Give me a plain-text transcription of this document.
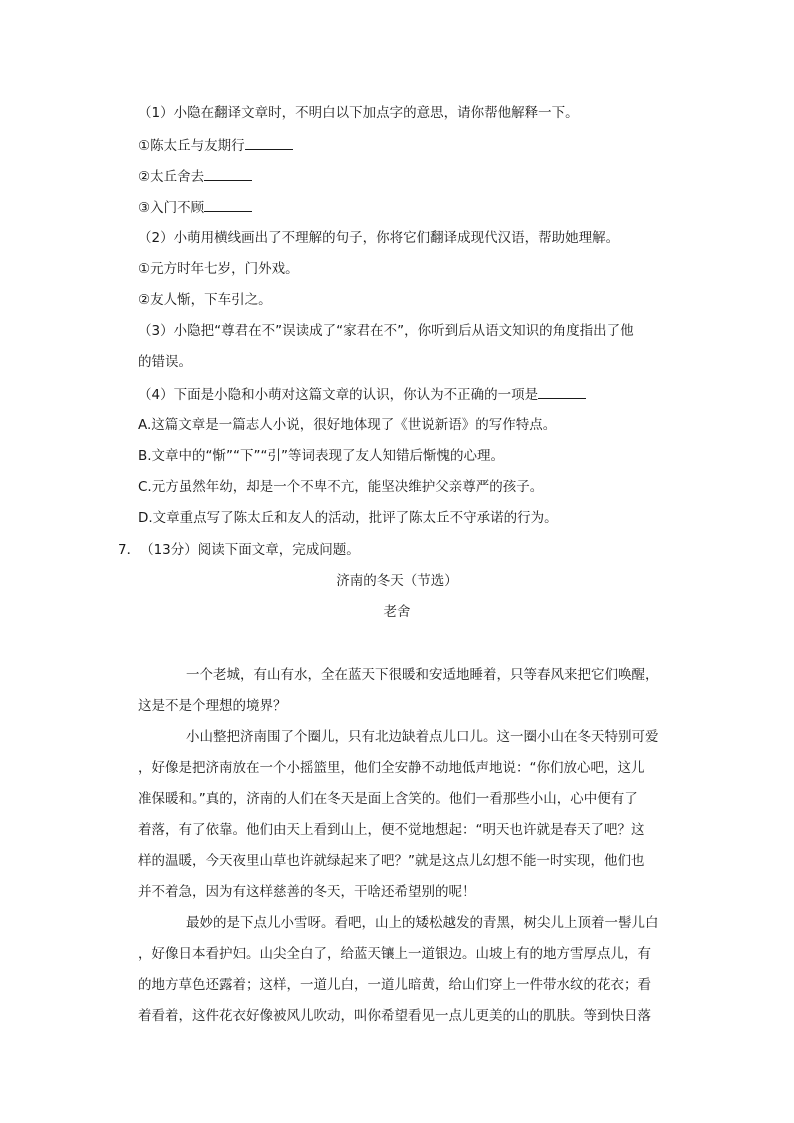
（1）小隐在翻译文章时，不明白以下加点字的意思，请你帮他解释一下。
①陈太丘与友期行
②太丘舍去
③入门不顾
（2）小萌用横线画出了不理解的句子，你将它们翻译成现代汉语，帮助她理解。
①元方时年七岁，门外戏。
②友人惭，下车引之。
（3）小隐把“尊君在不”误读成了“家君在不”，你听到后从语文知识的角度指出了他
的错误。
（4）下面是小隐和小萌对这篇文章的认识，你认为不正确的一项是
A.这篇文章是一篇志人小说，很好地体现了《世说新语》的写作特点。
B.文章中的“惭”“下”“引”等词表现了友人知错后惭愧的心理。
C.元方虽然年幼，却是一个不卑不亢，能坚决维护父亲尊严的孩子。
D.文章重点写了陈太丘和友人的活动，批评了陈太丘不守承诺的行为。
7．（13分）阅读下面文章，完成问题。
济南的冬天（节选）
老舍
一个老城，有山有水，全在蓝天下很暖和安适地睡着，只等春风来把它们唤醒，
这是不是个理想的境界？
小山整把济南围了个圈儿，只有北边缺着点儿口儿。这一圈小山在冬天特别可爱
，好像是把济南放在一个小摇篮里，他们全安静不动地低声地说：“你们放心吧，这儿
准保暖和。”真的，济南的人们在冬天是面上含笑的。他们一看那些小山，心中便有了
着落，有了依靠。他们由天上看到山上，便不觉地想起：“明天也许就是春天了吧？这
样的温暖，今天夜里山草也许就绿起来了吧？”就是这点儿幻想不能一时实现，他们也
并不着急，因为有这样慈善的冬天，干啥还希望别的呢！
最妙的是下点儿小雪呀。看吧，山上的矮松越发的青黑，树尖儿上顶着一髻儿白
，好像日本看护妇。山尖全白了，给蓝天镶上一道银边。山坡上有的地方雪厚点儿，有
的地方草色还露着；这样，一道儿白，一道儿暗黄，给山们穿上一件带水纹的花衣；看
着看着，这件花衣好像被风儿吹动，叫你希望看见一点儿更美的山的肌肤。等到快日落
